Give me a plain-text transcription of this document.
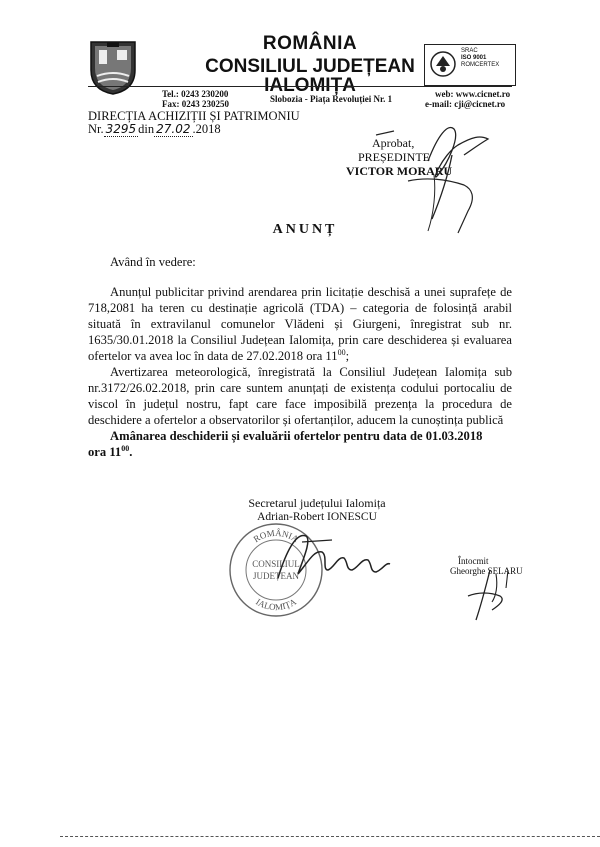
ROMÂNIA
CONSILIUL JUDEȚEAN IALOMIȚA
SRAC
ISO 9001
ROMCERTEX
Tel.: 0243 230200
Fax: 0243 230250	Slobozia - Piața Revoluției Nr. 1	web: www.cicnet.ro
e-mail: cji@cicnet.ro
DIRECȚIA ACHIZIȚII ȘI PATRIMONIU
Nr. 3295 din 27.02 .2018
Aprobat,
PREȘEDINTE
VICTOR MORARU
ANUNȚ
Având în vedere:
Anunțul publicitar privind arendarea prin licitație deschisă a unei suprafețe de 718,2081 ha teren cu destinație agricolă (TDA) – categoria de folosință arabil situată în extravilanul comunelor Vlădeni și Giurgeni, înregistrat sub nr. 1635/30.01.2018 la Consiliul Județean Ialomița, prin care deschiderea și evaluarea ofertelor va avea loc în data de 27.02.2018 ora $11^{00}$;
Avertizarea meteorologică, înregistrată la Consiliul Județean Ialomița sub nr.3172/26.02.2018, prin care suntem anunțați de existența codului portocaliu de viscol în județul nostru, fapt care face imposibilă prezența la procedura de deschidere a ofertelor a observatorilor și ofertanților, aducem la cunoștința publică
Amânarea deschiderii și evaluării ofertelor pentru data de 01.03.2018
ora $11^{00}$.
Secretarul județului Ialomița
Adrian-Robert IONESCU
ROMÂNIA
IALOMIȚA
CONSILIUL
JUDEȚEAN
Întocmit
Gheorghe SELARU
